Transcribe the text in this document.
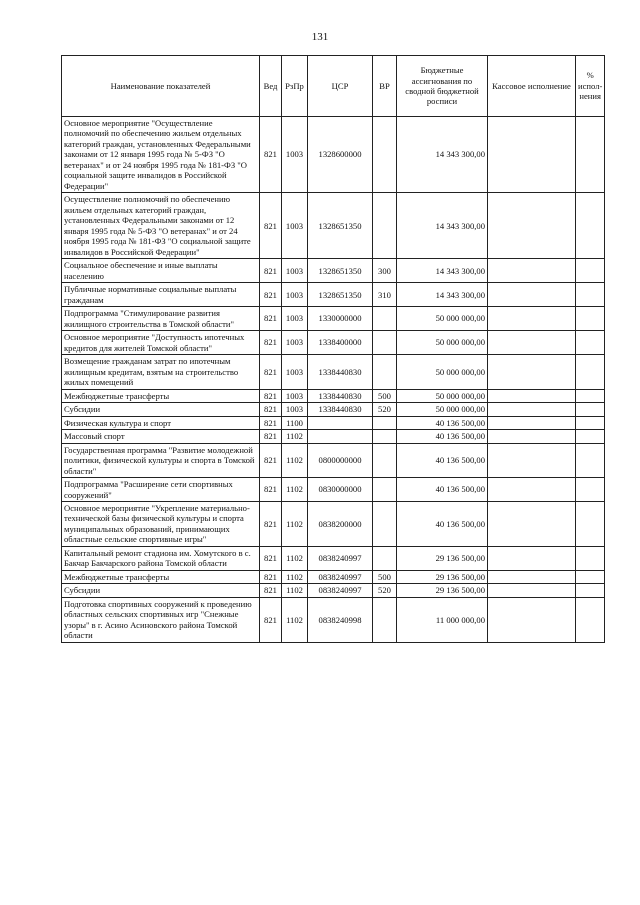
131
Наименование показателей	Вед	РзПр	ЦСР	ВР	Бюджетные ассигнования по сводной бюджетной росписи	Кассовое исполнение	% испол-нения
Основное мероприятие "Осуществление полномочий по обеспечению жильем отдельных категорий граждан, установленных Федеральными законами от 12 января 1995 года № 5-ФЗ "О ветеранах" и от 24 ноября 1995 года № 181-ФЗ "О социальной защите инвалидов в Российской Федерации"	821	1003	1328600000		14 343 300,00		
Осуществление полномочий по обеспечению жильем отдельных категорий граждан, установленных Федеральными законами от 12 января 1995 года № 5-ФЗ "О ветеранах" и от 24 ноября 1995 года № 181-ФЗ "О социальной защите инвалидов в Российской Федерации"	821	1003	1328651350		14 343 300,00		
Социальное обеспечение и иные выплаты населению	821	1003	1328651350	300	14 343 300,00		
Публичные нормативные социальные выплаты гражданам	821	1003	1328651350	310	14 343 300,00		
Подпрограмма "Стимулирование развития жилищного строительства в Томской области"	821	1003	1330000000		50 000 000,00		
Основное мероприятие "Доступность ипотечных кредитов для жителей Томской области"	821	1003	1338400000		50 000 000,00		
Возмещение гражданам затрат по ипотечным жилищным кредитам, взятым на строительство жилых помещений	821	1003	1338440830		50 000 000,00		
Межбюджетные трансферты	821	1003	1338440830	500	50 000 000,00		
Субсидии	821	1003	1338440830	520	50 000 000,00		
Физическая культура и спорт	821	1100			40 136 500,00		
Массовый спорт	821	1102			40 136 500,00		
Государственная программа "Развитие молодежной политики, физической культуры и спорта в Томской области"	821	1102	0800000000		40 136 500,00		
Подпрограмма "Расширение сети спортивных сооружений"	821	1102	0830000000		40 136 500,00		
Основное мероприятие "Укрепление материально-технической базы физической культуры и спорта муниципальных образований, принимающих областные сельские спортивные игры"	821	1102	0838200000		40 136 500,00		
Капитальный ремонт стадиона им. Хомутского в с. Бакчар Бакчарского района Томской области	821	1102	0838240997		29 136 500,00		
Межбюджетные трансферты	821	1102	0838240997	500	29 136 500,00		
Субсидии	821	1102	0838240997	520	29 136 500,00		
Подготовка спортивных сооружений к проведению областных сельских спортивных игр "Снежные узоры" в г. Асино Асиновского района Томской области	821	1102	0838240998		11 000 000,00		
